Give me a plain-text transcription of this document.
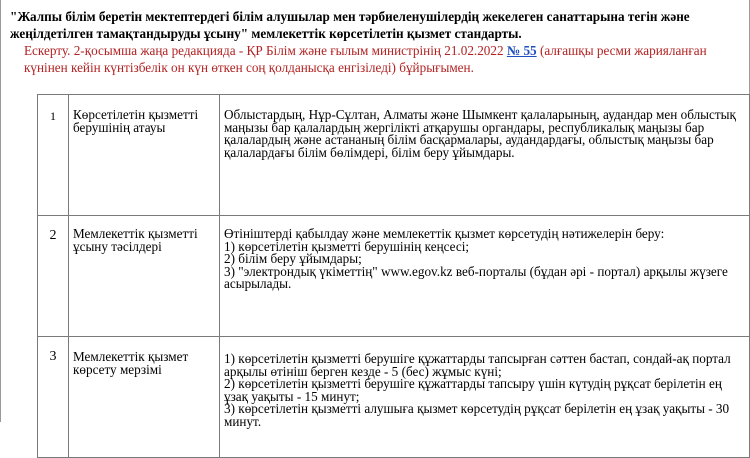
"Жалпы білім беретін мектептердегі білім алушылар мен тәрбиеленушілердің жекелеген санаттарына тегін және жеңілдетілген тамақтандыруды ұсыну" мемлекеттік көрсетілетін қызмет стандарты.
Ескерту. 2-қосымша жаңа редакцияда - ҚР Білім және ғылым министрінің 21.02.2022 № 55 (алғашқы ресми жарияланған күнінен кейін күнтізбелік он күн өткен соң қолданысқа енгізіледі) бұйрығымен.
1	Көрсетілетін қызметті берушінің атауы	Облыстардың, Нұр-Сұлтан, Алматы және Шымкент қалаларының, аудандар мен облыстық маңызы бар қалалардың жергілікті атқарушы органдары, республикалық маңызы бар қалалардың және астананың білім басқармалары, аудандардағы, облыстық маңызы бар қалалардағы білім бөлімдері, білім беру ұйымдары.

2	Мемлекеттік қызметті ұсыну тәсілдері	Өтініштерді қабылдау және мемлекеттік қызмет көрсетудің нәтижелерін беру:
1) көрсетілетін қызметті берушінің кеңсесі;
2) білім беру ұйымдары;
3) "электрондық үкіметтің" www.egov.kz веб-порталы (бұдан әрі - портал) арқылы жүзеге асырылады.

3	Мемлекеттік қызмет көрсету мерзімі	1) көрсетілетін қызметті берушіге құжаттарды тапсырған сәттен бастап, сондай-ақ портал арқылы өтініш берген кезде - 5 (бес) жұмыс күні;
2) көрсетілетін қызметті берушіге құжаттарды тапсыру үшін күтудің рұқсат берілетін ең ұзақ уақыты - 15 минут;
3) көрсетілетін қызметті алушыға қызмет көрсетудің рұқсат берілетін ең ұзақ уақыты - 30 минут.
